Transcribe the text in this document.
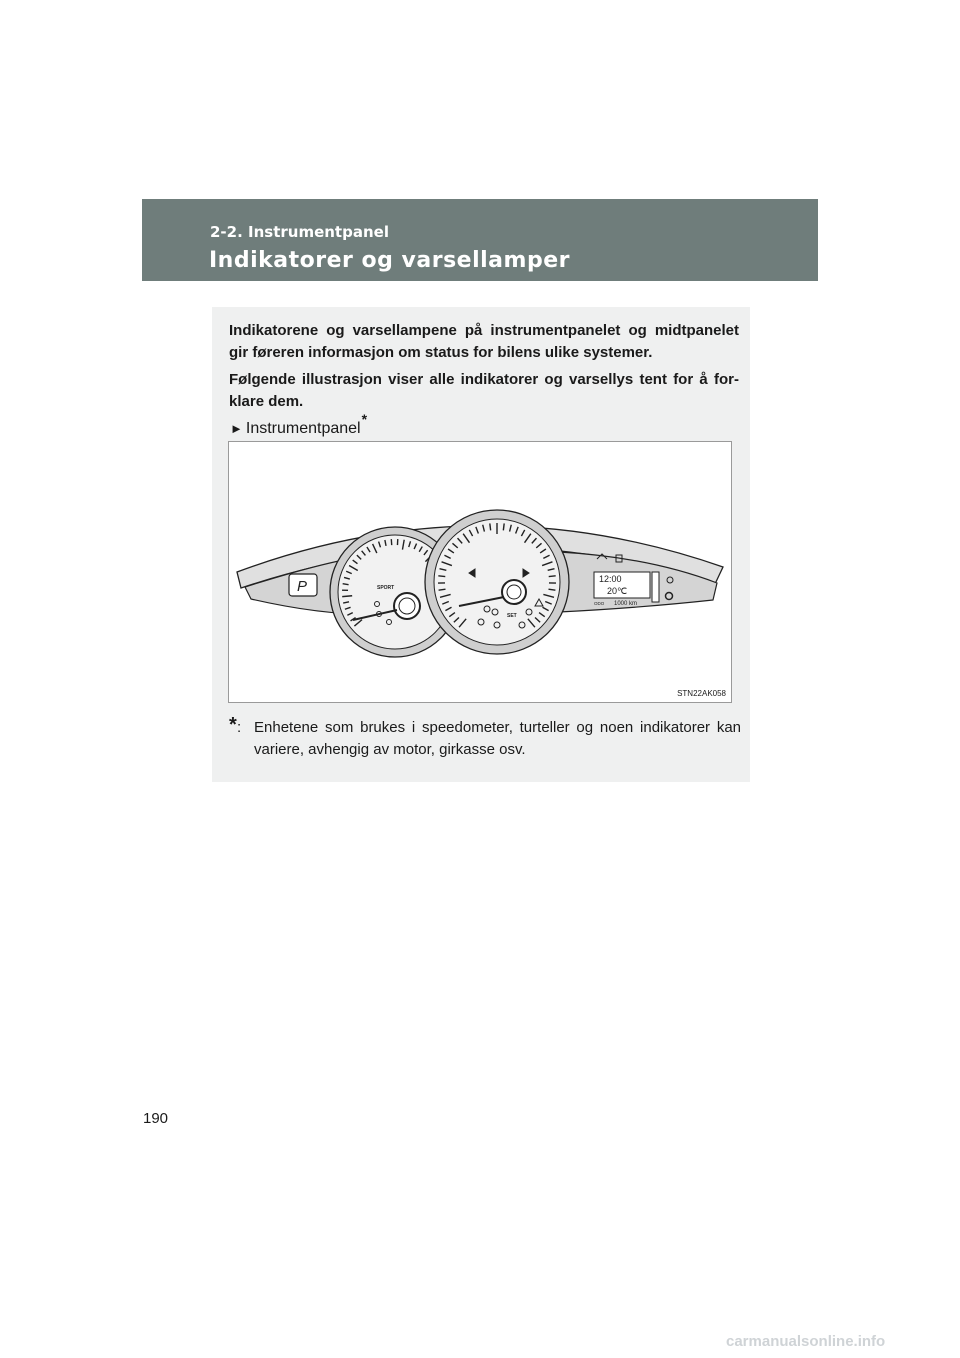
2-2. Instrumentpanel
Indikatorer og varsellamper
Indikatorene og varsellampene på instrumentpanelet og midtpanelet gir føreren informasjon om status for bilens ulike systemer.
Følgende illustrasjon viser alle indikatorer og varsellys tent for å for-klare dem.
► Instrumentpanel*
P	SPORT
SET
12:00
20℃
ODO 1000 km
STN22AK058
* : Enhetene som brukes i speedometer, turteller og noen indikatorer kan variere, avhengig av motor, girkasse osv.
190
carmanualsonline.info
